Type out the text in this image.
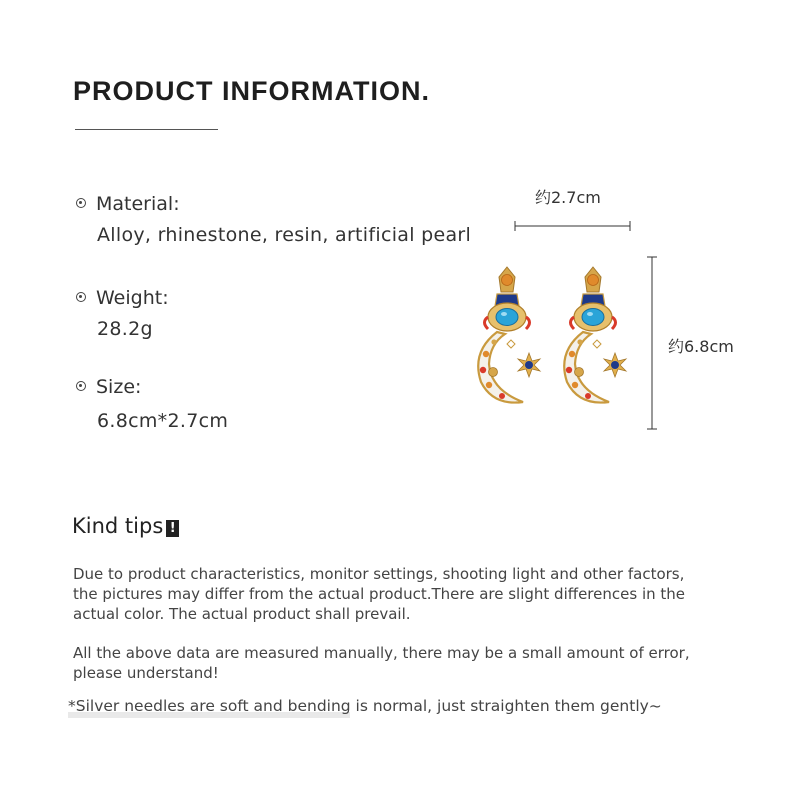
PRODUCT INFORMATION.
Material:
Alloy, rhinestone, resin, artificial pearl
Weight:
28.2g
Size:
6.8cm*2.7cm
约2.7cm
约6.8cm
Kind tips !
Due to product characteristics, monitor settings, shooting light and other factors, the pictures may differ from the actual product.There are slight differences in the actual color. The actual product shall prevail.
All the above data are measured manually, there may be a small amount of error, please understand!
*Silver needles are soft and bending is normal, just straighten them gently~
